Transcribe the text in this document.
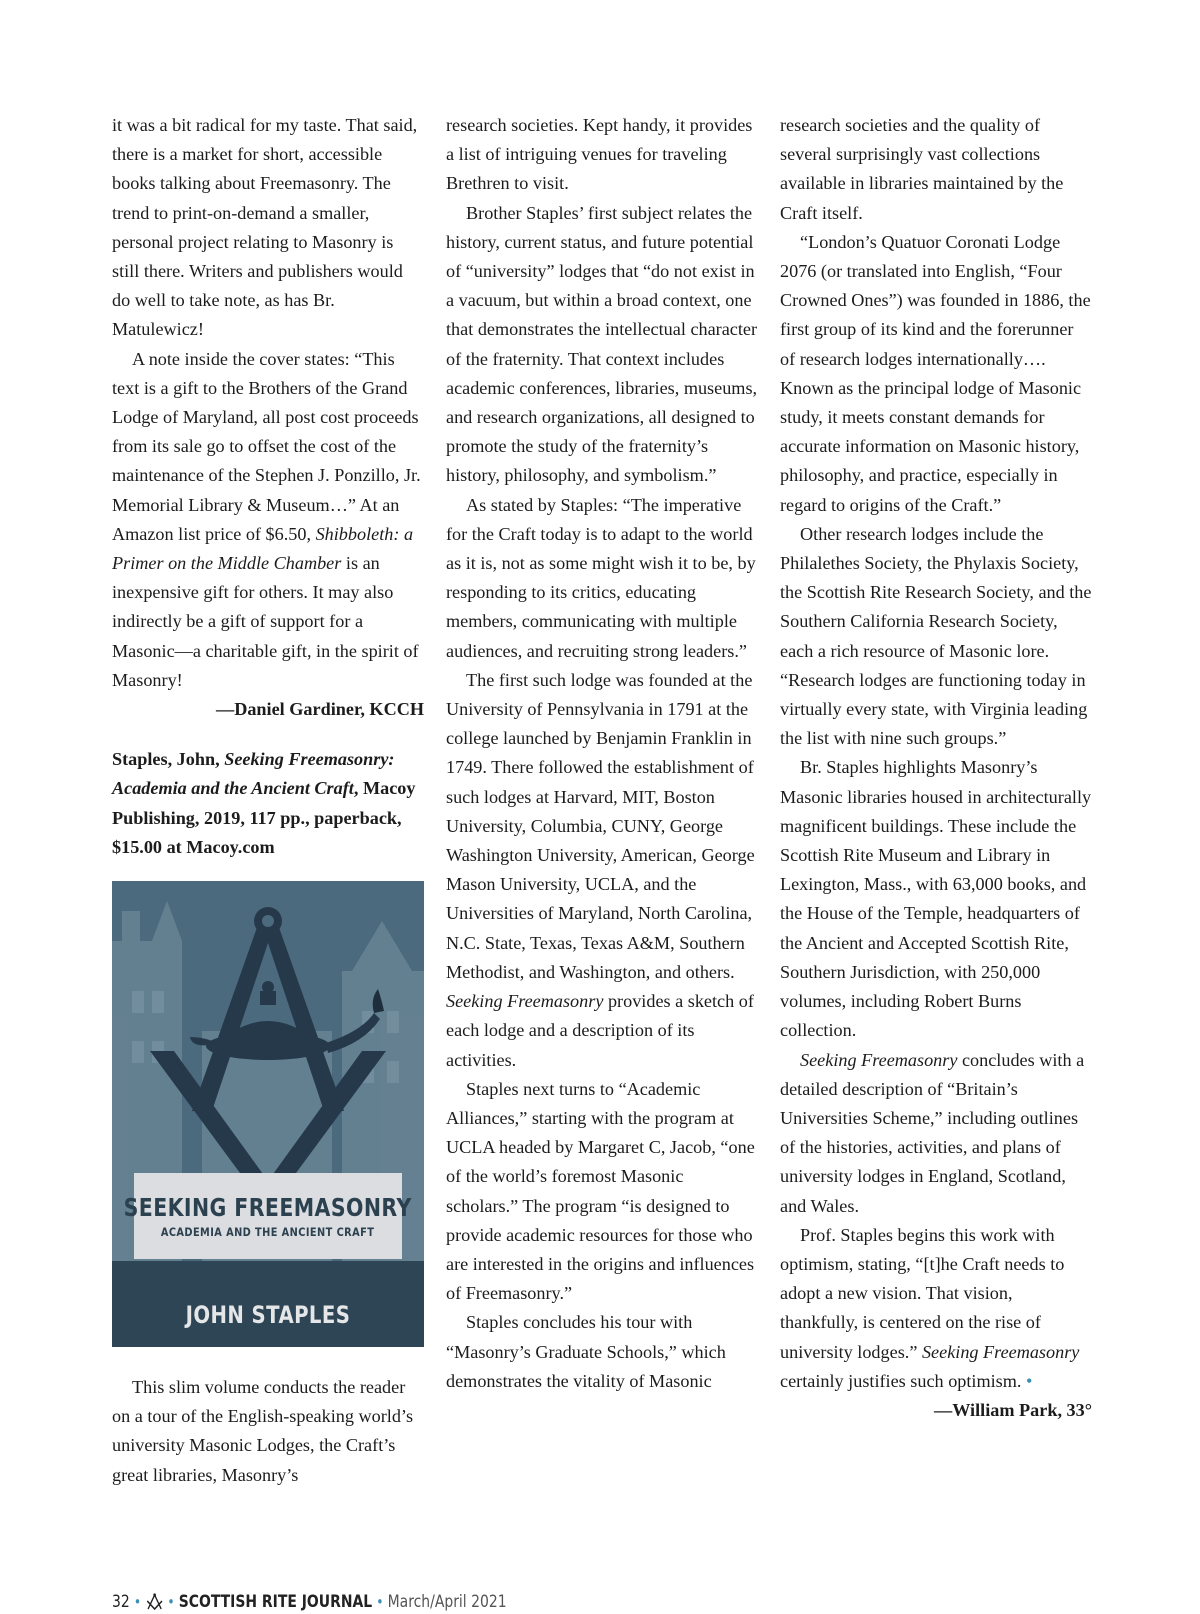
it was a bit radical for my taste. That said, there is a market for short, accessible books talking about Freemasonry. The trend to print-on-demand a smaller, personal project relating to Masonry is still there. Writers and publishers would do well to take note, as has Br. Matulewicz!

A note inside the cover states: “This text is a gift to the Brothers of the Grand Lodge of Maryland, all post cost proceeds from its sale go to offset the cost of the maintenance of the Stephen J. Ponzillo, Jr. Memorial Library & Museum…” At an Amazon list price of $6.50, Shibboleth: a Primer on the Middle Chamber is an inexpensive gift for others. It may also indirectly be a gift of support for a Masonic—a charitable gift, in the spirit of Masonry!

—Daniel Gardiner, KCCH

Staples, John, Seeking Freemasonry: Academia and the Ancient Craft, Macoy Publishing, 2019, 117 pp., paperback, $15.00 at Macoy.com

SEEKING FREEMASONRY
ACADEMIA AND THE ANCIENT CRAFT
JOHN STAPLES

This slim volume conducts the reader on a tour of the English-speaking world’s university Masonic Lodges, the Craft’s great libraries, Masonry’s

research societies. Kept handy, it provides a list of intriguing venues for traveling Brethren to visit.

Brother Staples’ first subject relates the history, current status, and future potential of “university” lodges that “do not exist in a vacuum, but within a broad context, one that demonstrates the intellectual character of the fraternity. That context includes academic conferences, libraries, museums, and research organizations, all designed to promote the study of the fraternity’s history, philosophy, and symbolism.”

As stated by Staples: “The imperative for the Craft today is to adapt to the world as it is, not as some might wish it to be, by responding to its critics, educating members, communicating with multiple audiences, and recruiting strong leaders.”

The first such lodge was founded at the University of Pennsylvania in 1791 at the college launched by Benjamin Franklin in 1749. There followed the establishment of such lodges at Harvard, MIT, Boston University, Columbia, CUNY, George Washington University, American, George Mason University, UCLA, and the Universities of Maryland, North Carolina, N.C. State, Texas, Texas A&M, Southern Methodist, and Washington, and others. Seeking Freemasonry provides a sketch of each lodge and a description of its activities.

Staples next turns to “Academic Alliances,” starting with the program at UCLA headed by Margaret C, Jacob, “one of the world’s foremost Masonic scholars.” The program “is designed to provide academic resources for those who are interested in the origins and influences of Freemasonry.”

Staples concludes his tour with “Masonry’s Graduate Schools,” which demonstrates the vitality of Masonic

research societies and the quality of several surprisingly vast collections available in libraries maintained by the Craft itself.

“London’s Quatuor Coronati Lodge 2076 (or translated into English, “Four Crowned Ones”) was founded in 1886, the first group of its kind and the forerunner of research lodges internationally…. Known as the principal lodge of Masonic study, it meets constant demands for accurate information on Masonic history, philosophy, and practice, especially in regard to origins of the Craft.”

Other research lodges include the Philalethes Society, the Phylaxis Society, the Scottish Rite Research Society, and the Southern California Research Society, each a rich resource of Masonic lore. “Research lodges are functioning today in virtually every state, with Virginia leading the list with nine such groups.”

Br. Staples highlights Masonry’s Masonic libraries housed in architecturally magnificent buildings. These include the Scottish Rite Museum and Library in Lexington, Mass., with 63,000 books, and the House of the Temple, headquarters of the Ancient and Accepted Scottish Rite, Southern Jurisdiction, with 250,000 volumes, including Robert Burns collection.

Seeking Freemasonry concludes with a detailed description of “Britain’s Universities Scheme,” including outlines of the histories, activities, and plans of university lodges in England, Scotland, and Wales.

Prof. Staples begins this work with optimism, stating, “[t]he Craft needs to adopt a new vision. That vision, thankfully, is centered on the rise of university lodges.” Seeking Freemasonry certainly justifies such optimism. •

—William Park, 33°

32 • • SCOTTISH RITE JOURNAL • March/April 2021
